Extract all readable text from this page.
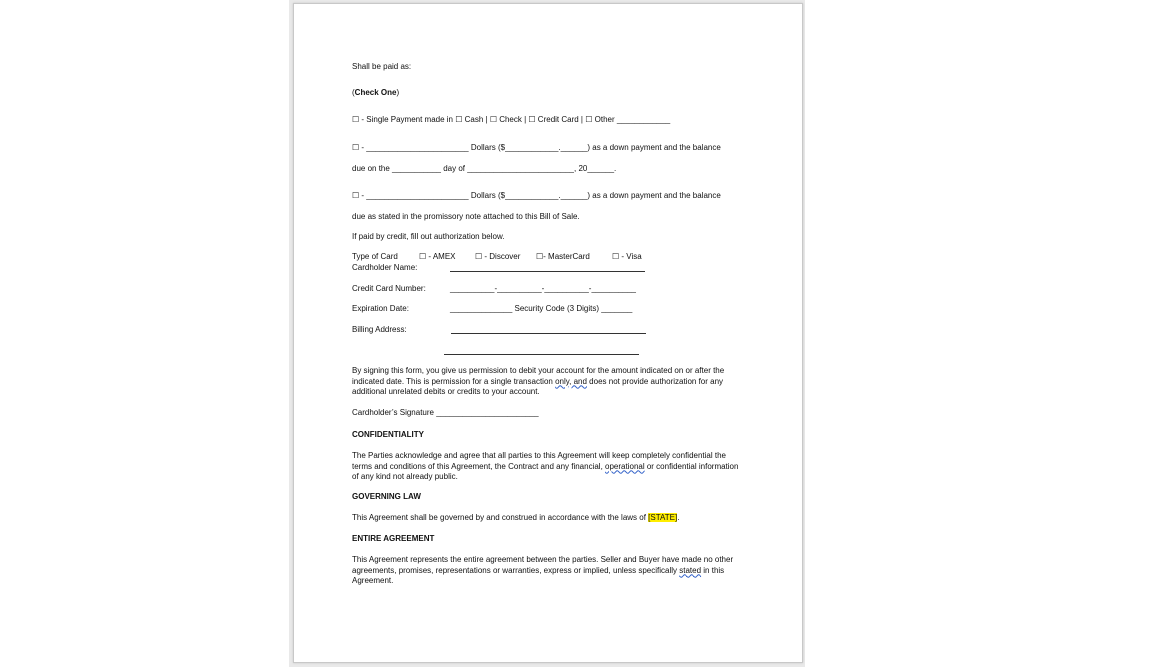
Shall be paid as:
(Check One)
☐ - Single Payment made in ☐ Cash | ☐ Check | ☐ Credit Card | ☐ Other ____________
☐ - _______________________ Dollars ($____________.______) as a down payment and the balance
due on the ___________ day of ________________________, 20______.
☐ - _______________________ Dollars ($____________.______) as a down payment and the balance
due as stated in the promissory note attached to this Bill of Sale.
If paid by credit, fill out authorization below.
Type of Card	☐ - AMEX ☐ - Discover ☐- MasterCard	☐ - Visa
Cardholder Name:
Credit Card Number:	__________-__________-__________-__________
Expiration Date:	______________ Security Code (3 Digits) _______
Billing Address:
By signing this form, you give us permission to debit your account for the amount indicated on or after the indicated date. This is permission for a single transaction only, and does not provide authorization for any additional unrelated debits or credits to your account.
Cardholder’s Signature _______________________
CONFIDENTIALITY
The Parties acknowledge and agree that all parties to this Agreement will keep completely confidential the terms and conditions of this Agreement, the Contract and any financial, operational or confidential information of any kind not already public.
GOVERNING LAW
This Agreement shall be governed by and construed in accordance with the laws of [STATE].
ENTIRE AGREEMENT
This Agreement represents the entire agreement between the parties. Seller and Buyer have made no other agreements, promises, representations or warranties, express or implied, unless specifically stated in this Agreement.
